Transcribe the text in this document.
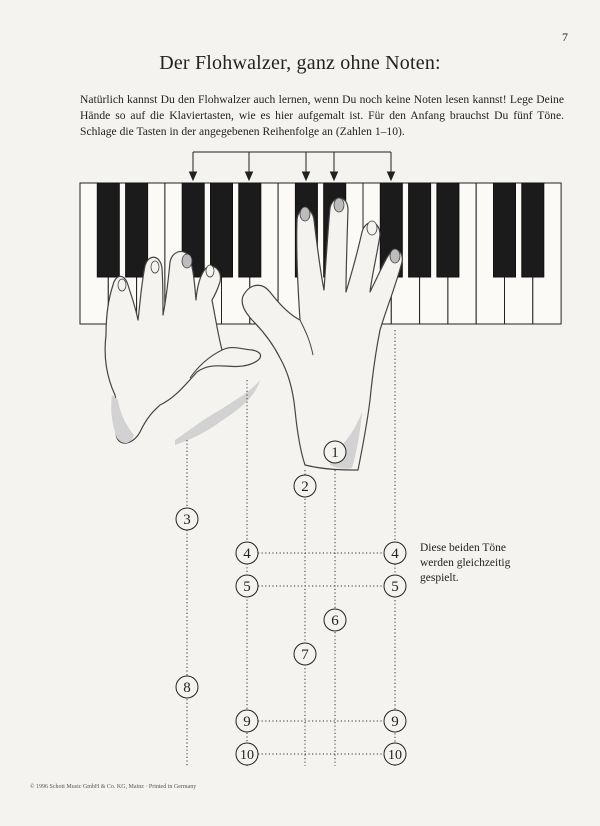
7
Der Flohwalzer, ganz ohne Noten:

Natürlich kannst Du den Flohwalzer auch lernen, wenn Du noch keine Noten lesen kannst! Lege Deine Hände so auf die Klaviertasten, wie es hier aufgemalt ist. Für den Anfang brauchst Du fünf Töne. Schlage die Tasten in der angegebenen Reihenfolge an (Zahlen 1–10).

Diese beiden Töne werden gleichzeitig gespielt.

© 1996 Schott Music GmbH & Co. KG, Mainz · Printed in Germany
1
2
3
4	4
5	5
6
7
8
9	9
10	10
